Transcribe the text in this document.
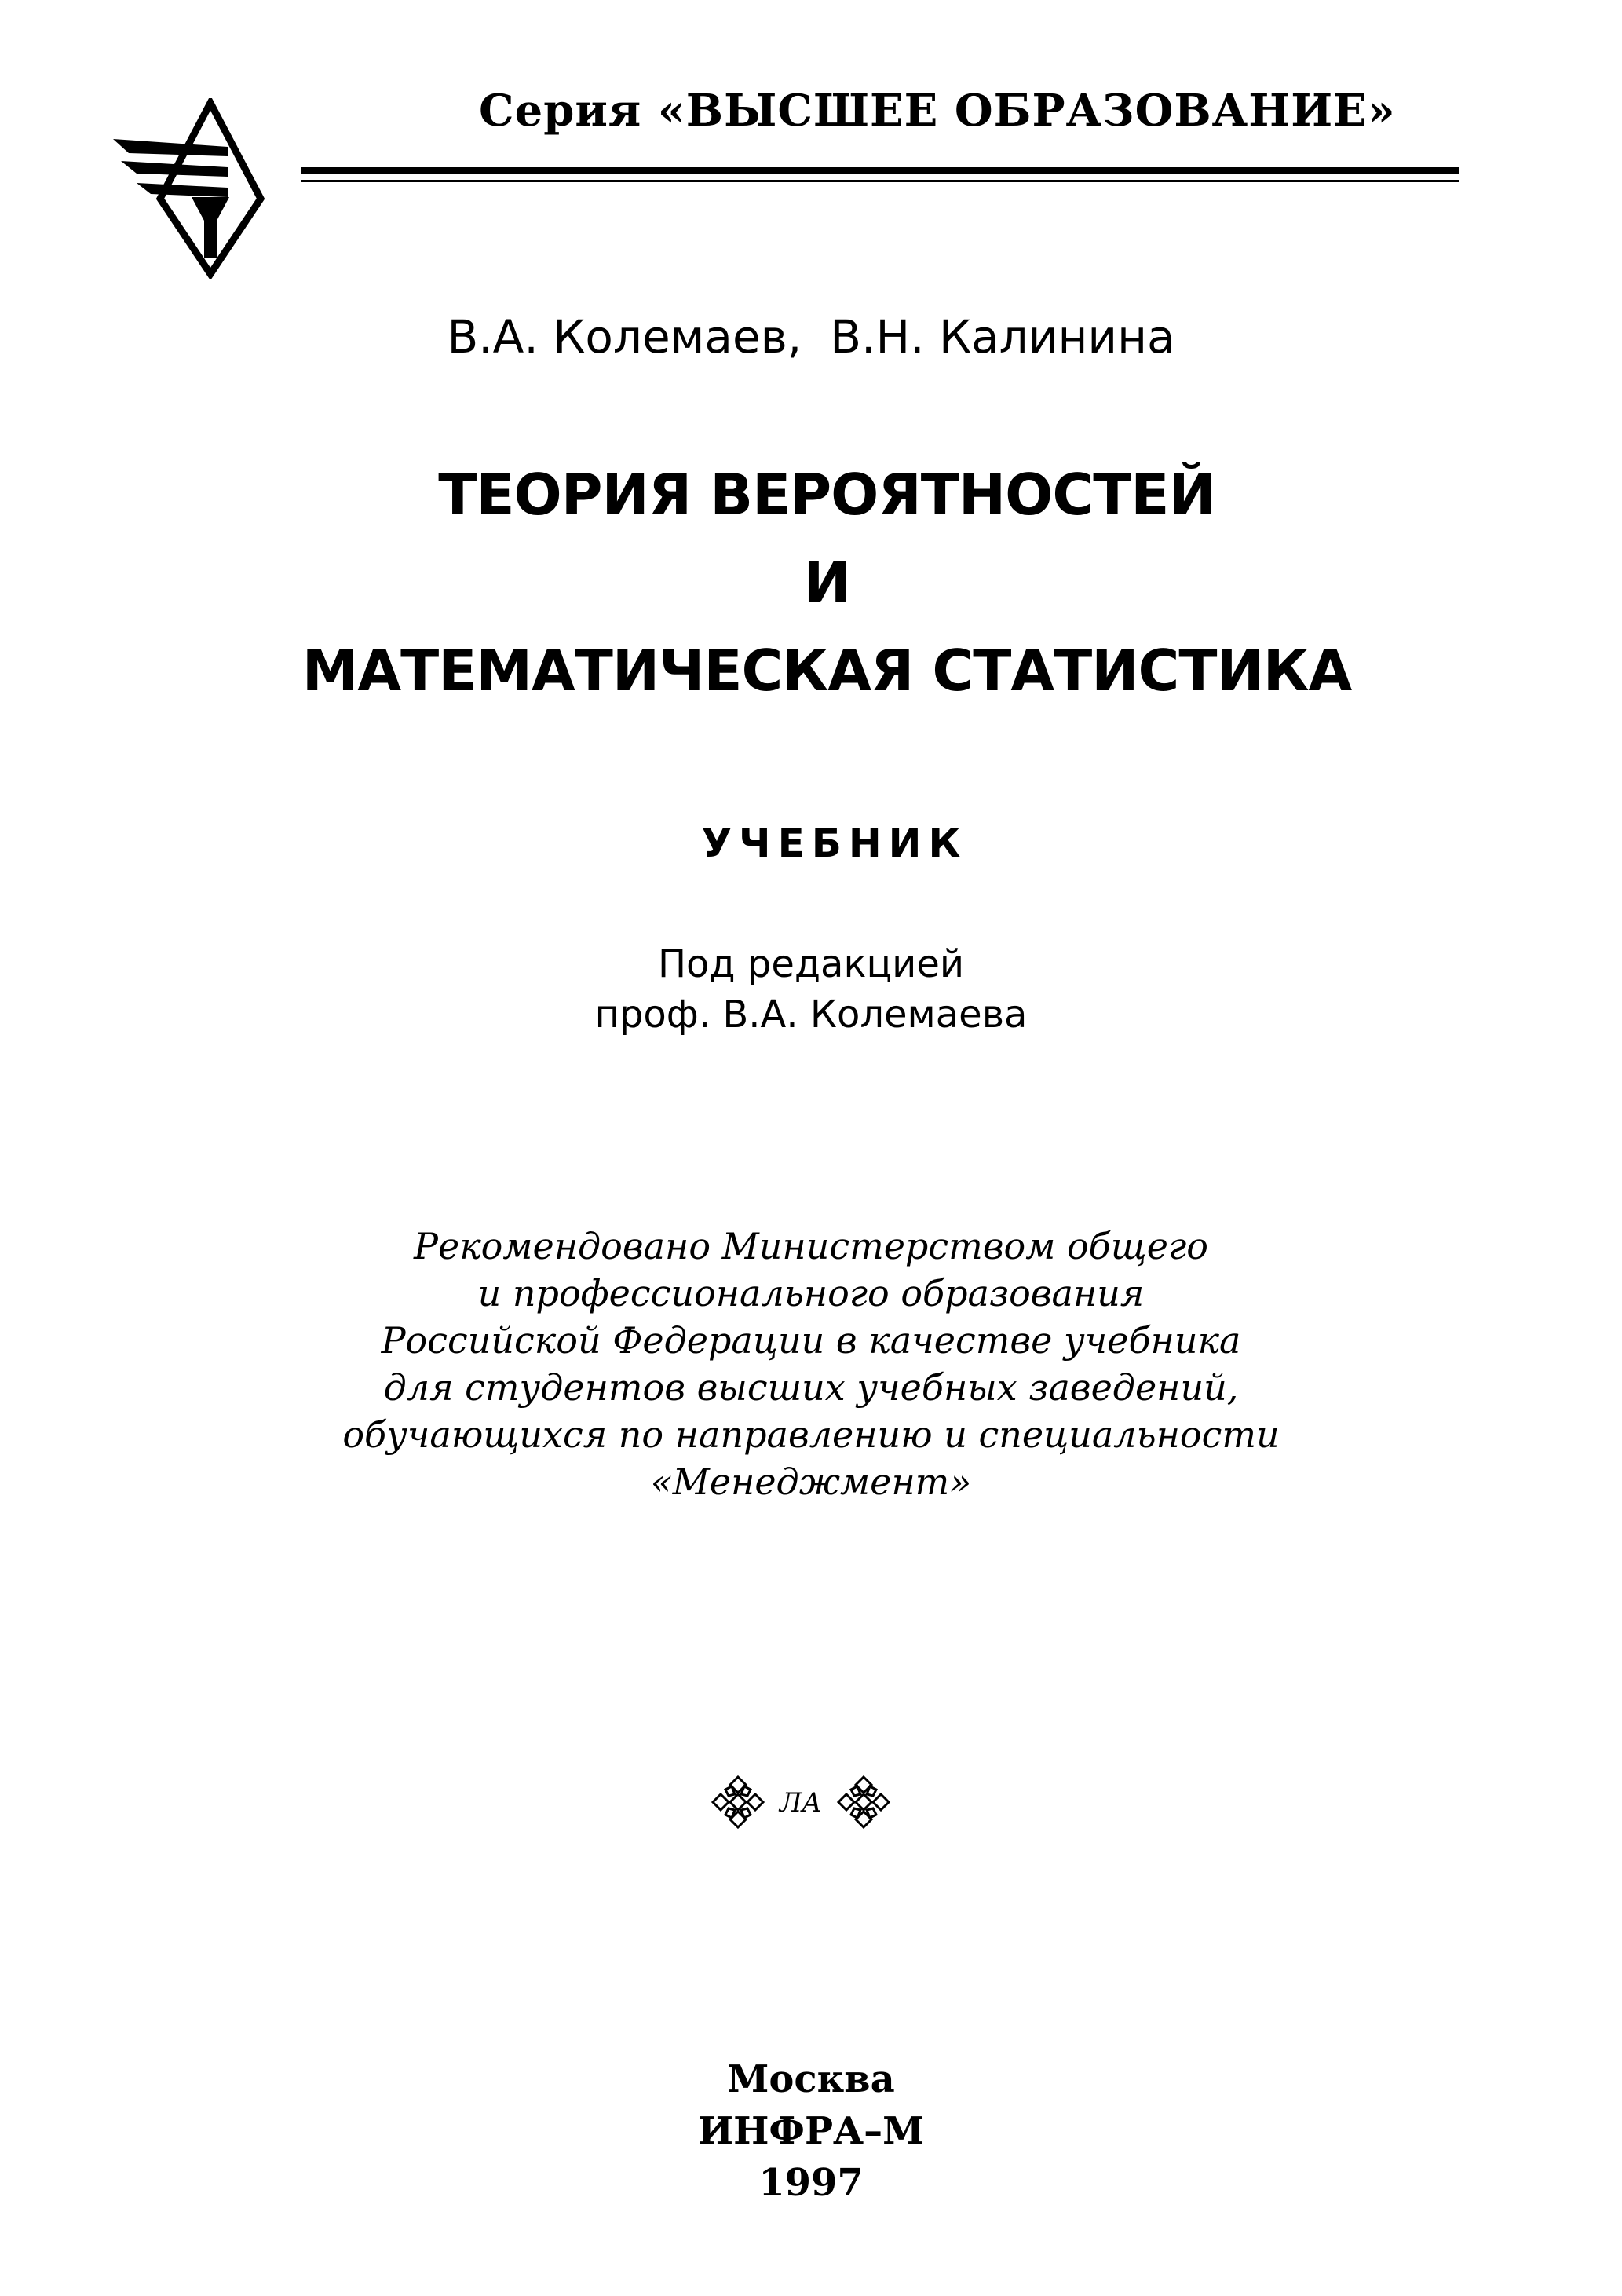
Серия «ВЫСШЕЕ ОБРАЗОВАНИЕ»
В.А. Колемаев, В.Н. Калинина
ТЕОРИЯ ВЕРОЯТНОСТЕЙ
И
МАТЕМАТИЧЕСКАЯ СТАТИСТИКА
УЧЕБНИК
Под редакцией
проф. В.А. Колемаева
Рекомендовано Министерством общего
и профессионального образования
Российской Федерации в качестве учебника
для студентов высших учебных заведений,
обучающихся по направлению и специальности
«Менеджмент»
ЛА
Москва
ИНФРА–М
1997
